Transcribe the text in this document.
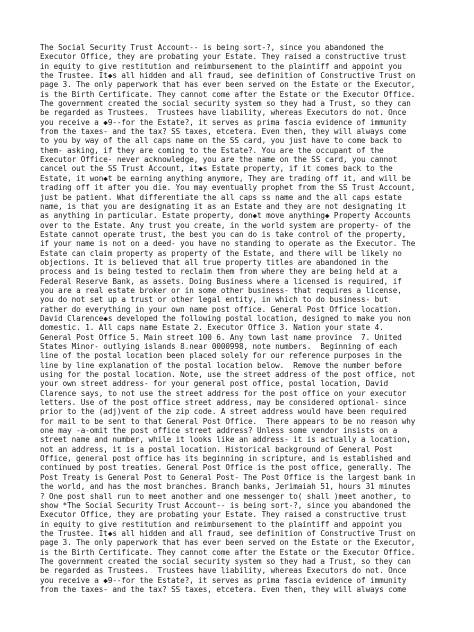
The Social Security Trust Account-- is being sort-?, since you abandoned the
Executor Office, they are probating your Estate. They raised a constructive trust
in equity to give restitution and reimbursement to the plaintiff and appoint you
the Trustee. It◆s all hidden and all fraud, see definition of Constructive Trust on
page 3. The only paperwork that has ever been served on the Estate or the Executor,
is the Birth Certificate. They cannot come after the Estate or the Executor Office.
The government created the social security system so they had a Trust, so they can
be regarded as Trustees.  Trustees have liability, whereas Executors do not. Once
you receive a ◆9--for the Estate?, it serves as prima fascia evidence of immunity
from the taxes- and the tax? SS taxes, etcetera. Even then, they will always come
to you by way of the all caps name on the SS card, you just have to come back to
them- asking, if they are coming to the Estate?. You are the occupant of the
Executor Office- never acknowledge, you are the name on the SS card, you cannot
cancel out the SS Trust Account, it◆s Estate property, if it comes back to the
Estate, it won◆t be earning anything anymore, They are trading off it, and will be
trading off it after you die. You may eventually prophet from the SS Trust Account,
just be patient. What differentiate the all caps ss name and the all caps estate
name, is that you are designating it as an Estate and they are not designating it
as anything in particular. Estate property, don◆t move anything◆ Property Accounts
over to the Estate. Any trust you create, in the world system are property- of the
Estate cannot operate trust, the best you can do is take control of the property,
if your name is not on a deed- you have no standing to operate as the Executor. The
Estate can claim property as property of the Estate, and there will be likely no
objections. It is believed that all true property titles are abandoned in the
process and is being tested to reclaim them from where they are being held at a
Federal Reserve Bank, as assets. Doing Business where a licensed is required, if
you are a real estate broker or in some other business- that requires a license,
you do not set up a trust or other legal entity, in which to do business- but
rather do everything in your own name post office. General Post Office location.
David Clarence◆s developed the following postal location, designed to make you non
domestic. 1. All caps name Estate 2. Executor Office 3. Nation your state 4.
General Post Office 5. Main street 100 6. Any town last name province  7. United
States Minor- outlying islands 8.near 0000998, note numbers.  Beginning of each
line of the postal location been placed solely for our reference purposes in the
line by line explanation of the postal location below.  Remove the number before
using for the postal location. Note, use the street address of the post office, not
your own street address- for your general post office, postal location, David
Clarence says, to not use the street address for the post office on your executor
letters. Use of the post office street address, may be considered optional- since
prior to the (adj)vent of the zip code. A street address would have been required
for mail to be sent to that General Post Office.  There appears to be no reason why
one may -a-omit the post office street address? Unless some vendor insists on a
street name and number, while it looks like an address- it is actually a location,
not an address, it is a postal location. Historical background of General Post
Office, general post office has its beginning in scripture, and is established and
continued by post treaties. General Post Office is the post office, generally. The
Post Treaty is General Post to General Post- The Post Office is the largest bank in
the world, and has the most branches. Branch banks, Jerimaiah 51, hours 31 minutes
? One post shall run to meet another and one messenger to( shall )meet another, to
show *The Social Security Trust Account-- is being sort-?, since you abandoned the
Executor Office, they are probating your Estate. They raised a constructive trust
in equity to give restitution and reimbursement to the plaintiff and appoint you
the Trustee. It◆s all hidden and all fraud, see definition of Constructive Trust on
page 3. The only paperwork that has ever been served on the Estate or the Executor,
is the Birth Certificate. They cannot come after the Estate or the Executor Office.
The government created the social security system so they had a Trust, so they can
be regarded as Trustees.  Trustees have liability, whereas Executors do not. Once
you receive a ◆9--for the Estate?, it serves as prima fascia evidence of immunity
from the taxes- and the tax? SS taxes, etcetera. Even then, they will always come
